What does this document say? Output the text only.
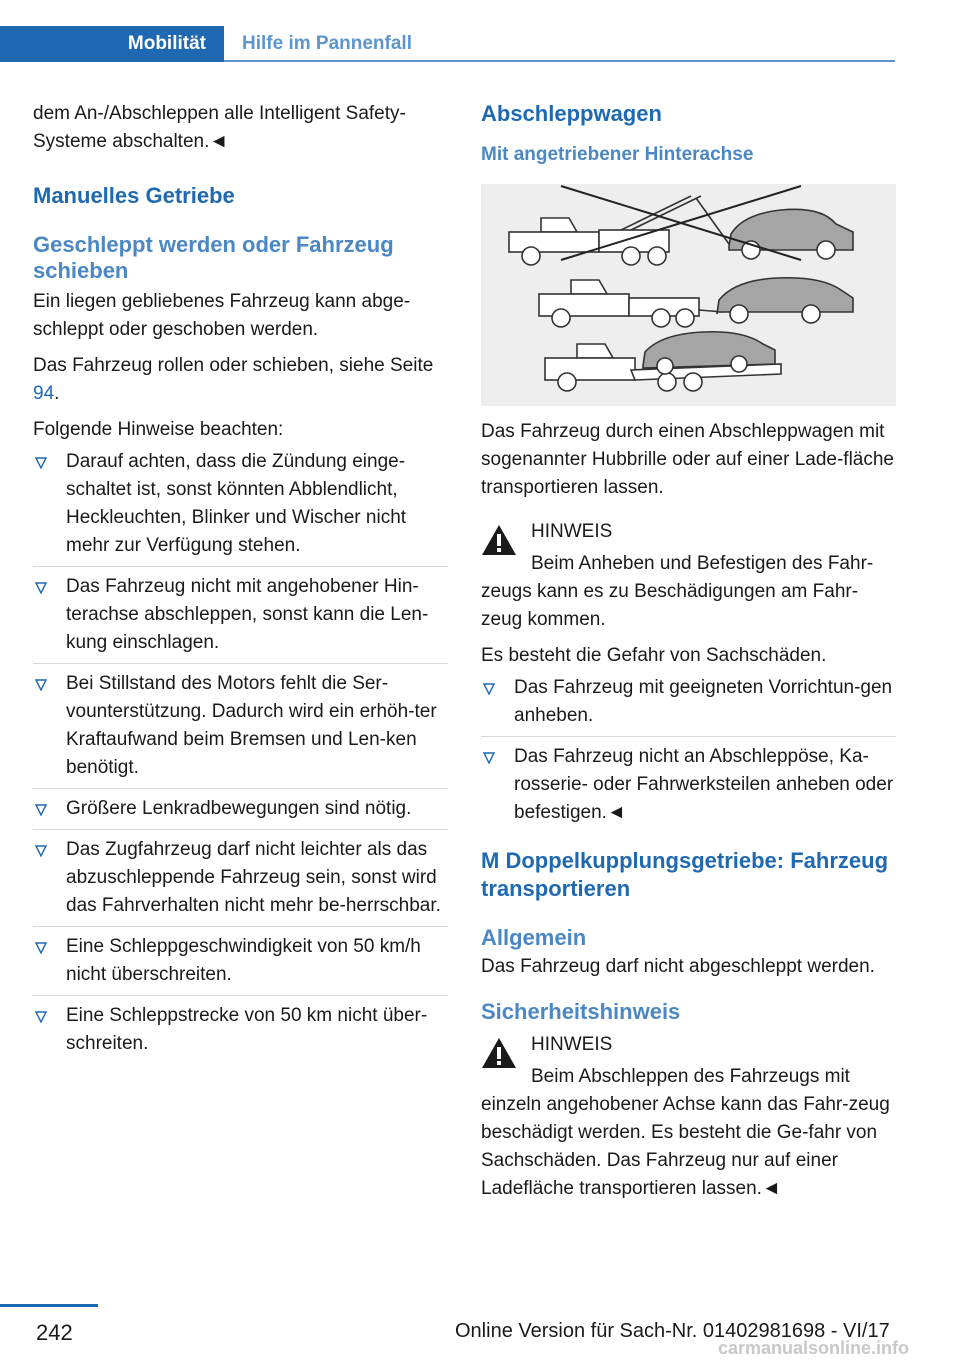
Mobilität	Hilfe im Pannenfall

dem An-/Abschleppen alle Intelligent Safety-Systeme abschalten.◄

Manuelles Getriebe
Geschleppt werden oder Fahrzeug schieben

Ein liegen gebliebenes Fahrzeug kann abge-schleppt oder geschoben werden.

Das Fahrzeug rollen oder schieben, siehe Seite 94.

Folgende Hinweise beachten:

Darauf achten, dass die Zündung einge-schaltet ist, sonst könnten Abblendlicht, Heckleuchten, Blinker und Wischer nicht mehr zur Verfügung stehen.
Das Fahrzeug nicht mit angehobener Hin-terachse abschleppen, sonst kann die Len-kung einschlagen.
Bei Stillstand des Motors fehlt die Ser-vounterstützung. Dadurch wird ein erhöh-ter Kraftaufwand beim Bremsen und Len-ken benötigt.
Größere Lenkradbewegungen sind nötig.
Das Zugfahrzeug darf nicht leichter als das abzuschleppende Fahrzeug sein, sonst wird das Fahrverhalten nicht mehr be-herrschbar.
Eine Schleppgeschwindigkeit von 50 km/h nicht überschreiten.
Eine Schleppstrecke von 50 km nicht über-schreiten.
Abschleppwagen
Mit angetriebener Hinterachse

Das Fahrzeug durch einen Abschleppwagen mit sogenannter Hubbrille oder auf einer Lade-fläche transportieren lassen.

HINWEIS

Beim Anheben und Befestigen des Fahr-zeugs kann es zu Beschädigungen am Fahr-zeug kommen.

Es besteht die Gefahr von Sachschäden.

Das Fahrzeug mit geeigneten Vorrichtun-gen anheben.
Das Fahrzeug nicht an Abschleppöse, Ka-rosserie- oder Fahrwerksteilen anheben oder befestigen.◄
M Doppelkupplungsgetriebe: Fahrzeug transportieren
Allgemein

Das Fahrzeug darf nicht abgeschleppt werden.

Sicherheitshinweis
HINWEIS

Beim Abschleppen des Fahrzeugs mit einzeln angehobener Achse kann das Fahr-zeug beschädigt werden. Es besteht die Ge-fahr von Sachschäden. Das Fahrzeug nur auf einer Ladefläche transportieren lassen.◄

242	Online Version für Sach-Nr. 01402981698 - VI/17
carmanualsonline.info
